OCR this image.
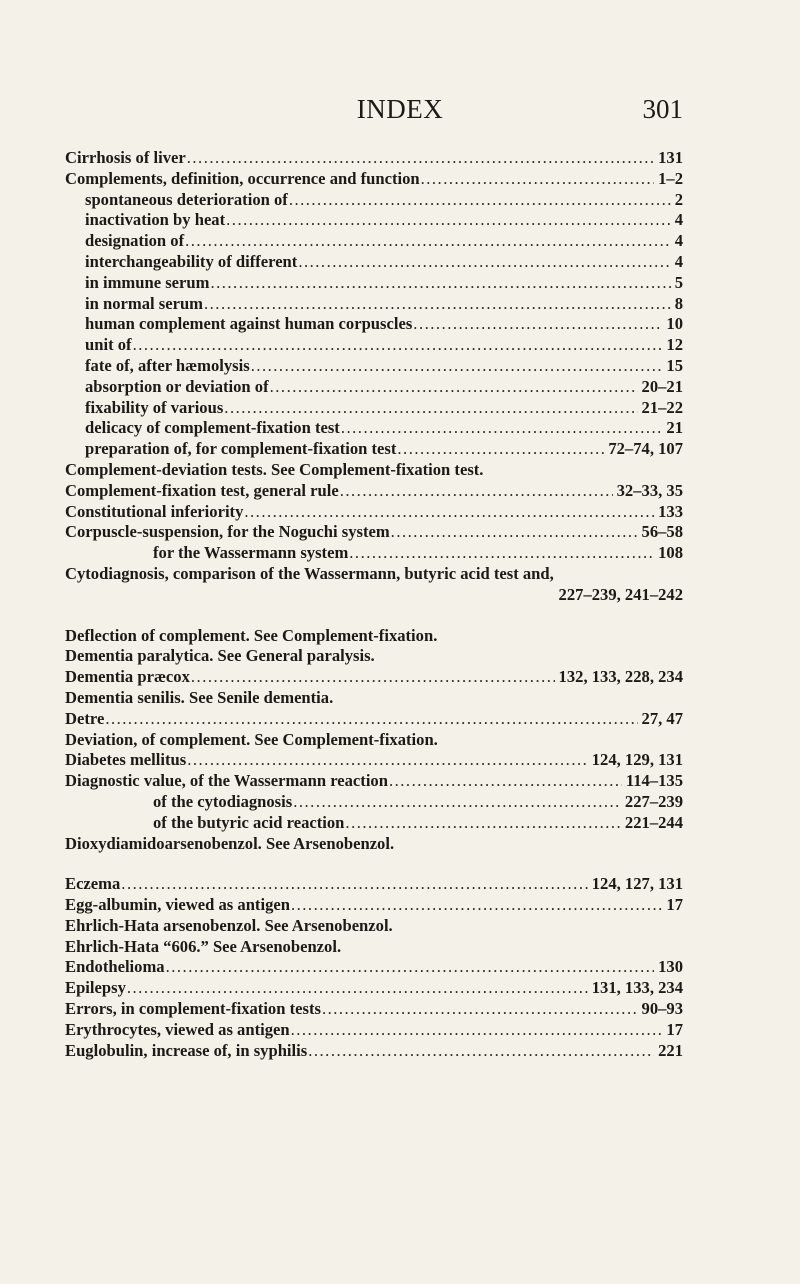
INDEX	301
Cirrhosis of liver .....	131
Complements, definition, occurrence and function .....	1–2
spontaneous deterioration of .....	2
inactivation by heat .....	4
designation of .....	4
interchangeability of different .....	4
in immune serum .....	5
in normal serum .....	8
human complement against human corpuscles .....	10
unit of .....	12
fate of, after hæmolysis .....	15
absorption or deviation of .....	20–21
fixability of various .....	21–22
delicacy of complement-fixation test .....	21
preparation of, for complement-fixation test .....	72–74, 107
Complement-deviation tests. See Complement-fixation test.
Complement-fixation test, general rule .....	32–33, 35
Constitutional inferiority .....	133
Corpuscle-suspension, for the Noguchi system .....	56–58
for the Wassermann system .....	108
Cytodiagnosis, comparison of the Wassermann, butyric acid test and,
227–239, 241–242
Deflection of complement. See Complement-fixation.
Dementia paralytica. See General paralysis.
Dementia præcox .....	132, 133, 228, 234
Dementia senilis. See Senile dementia.
Detre .....	27, 47
Deviation, of complement. See Complement-fixation.
Diabetes mellitus .....	124, 129, 131
Diagnostic value, of the Wassermann reaction .....	114–135
of the cytodiagnosis .....	227–239
of the butyric acid reaction .....	221–244
Dioxydiamidoarsenobenzol. See Arsenobenzol.
Eczema .....	124, 127, 131
Egg-albumin, viewed as antigen .....	17
Ehrlich-Hata arsenobenzol. See Arsenobenzol.
Ehrlich-Hata “606.” See Arsenobenzol.
Endothelioma .....	130
Epilepsy .....	131, 133, 234
Errors, in complement-fixation tests .....	90–93
Erythrocytes, viewed as antigen .....	17
Euglobulin, increase of, in syphilis .....	221
